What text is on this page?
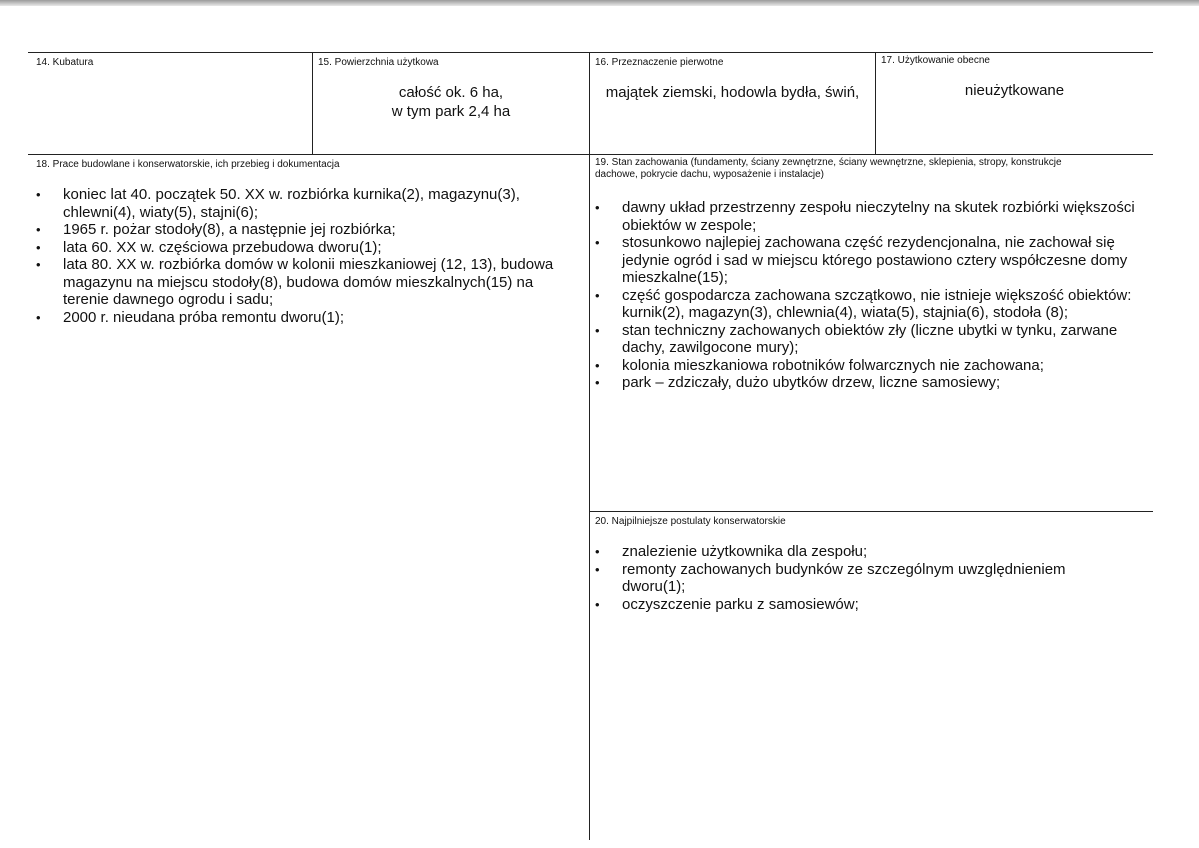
14. Kubatura	15. Powierzchnia użytkowa
całość ok. 6 ha,
w tym park 2,4 ha
16. Przeznaczenie pierwotne
majątek ziemski, hodowla bydła, świń,
17. Użytkowanie obecne
nieużytkowane
18. Prace budowlane i konserwatorskie, ich przebieg i dokumentacja
• koniec lat 40. początek 50. XX w. rozbiórka kurnika(2), magazynu(3), chlewni(4), wiaty(5), stajni(6);
• 1965 r. pożar stodoły(8), a następnie jej rozbiórka;
• lata 60. XX w. częściowa przebudowa dworu(1);
• lata 80. XX w. rozbiórka domów w kolonii mieszkaniowej (12, 13), budowa magazynu na miejscu stodoły(8), budowa domów mieszkalnych(15) na terenie dawnego ogrodu i sadu;
• 2000 r. nieudana próba remontu dworu(1);
19. Stan zachowania (fundamenty, ściany zewnętrzne, ściany wewnętrzne, sklepienia, stropy, konstrukcje dachowe, pokrycie dachu, wyposażenie i instalacje)
• dawny układ przestrzenny zespołu nieczytelny na skutek rozbiórki większości obiektów w zespole;
• stosunkowo najlepiej zachowana część rezydencjonalna, nie zachował się jedynie ogród i sad w miejscu którego postawiono cztery współczesne domy mieszkalne(15);
• część gospodarcza zachowana szczątkowo, nie istnieje większość obiektów: kurnik(2), magazyn(3), chlewnia(4), wiata(5), stajnia(6), stodoła (8);
• stan techniczny zachowanych obiektów zły (liczne ubytki w tynku, zarwane dachy, zawilgocone mury);
• kolonia mieszkaniowa robotników folwarcznych nie zachowana;
• park – zdziczały, dużo ubytków drzew, liczne samosiewy;
20. Najpilniejsze postulaty konserwatorskie
• znalezienie użytkownika dla zespołu;
• remonty zachowanych budynków ze szczególnym uwzględnieniem dworu(1);
• oczyszczenie parku z samosiewów;
